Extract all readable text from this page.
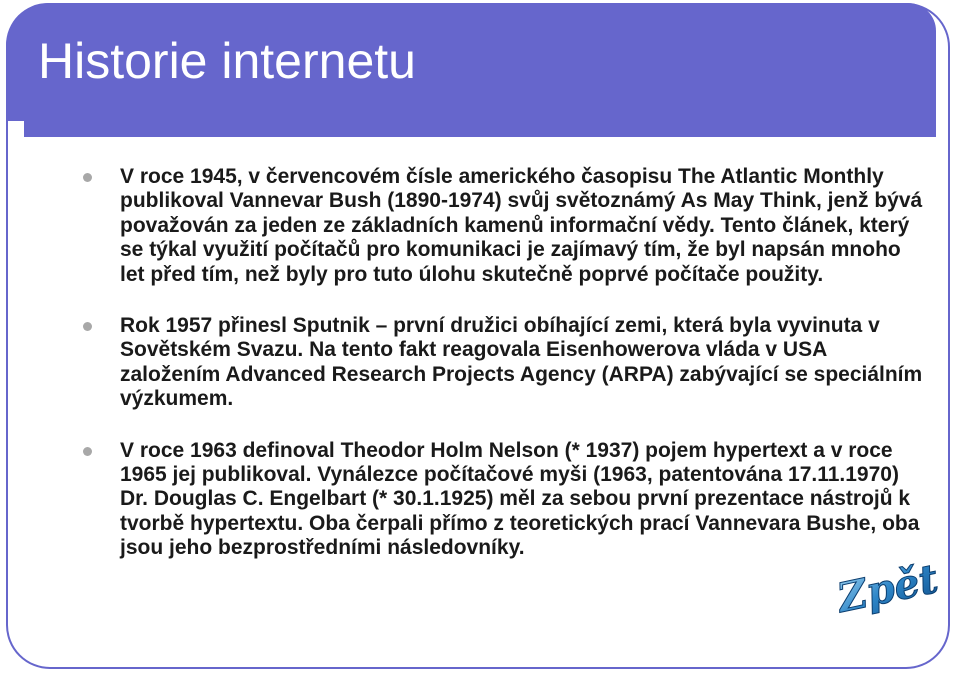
Historie internetu
V roce 1945, v červencovém čísle amerického časopisu The Atlantic Monthly publikoval Vannevar Bush (1890-1974) svůj světoznámý As May Think, jenž bývá považován za jeden ze základních kamenů informační vědy. Tento článek, který se týkal využití počítačů pro komunikaci je zajímavý tím, že byl napsán mnoho let před tím, než byly pro tuto úlohu skutečně poprvé počítače použity.
Rok 1957 přinesl Sputnik – první družici obíhající zemi, která byla vyvinuta v Sovětském Svazu. Na tento fakt reagovala Eisenhowerova vláda v USA založením Advanced Research Projects Agency (ARPA) zabývající se speciálním výzkumem.
V roce 1963 definoval Theodor Holm Nelson (* 1937) pojem hypertext a v roce 1965 jej publikoval. Vynálezce počítačové myši (1963, patentována 17.11.1970) Dr. Douglas C. Engelbart (* 30.1.1925) měl za sebou první prezentace nástrojů k tvorbě hypertextu. Oba čerpali přímo z teoretických prací Vannevara Bushe, oba jsou jeho bezprostředními následovníky.
Zpět
